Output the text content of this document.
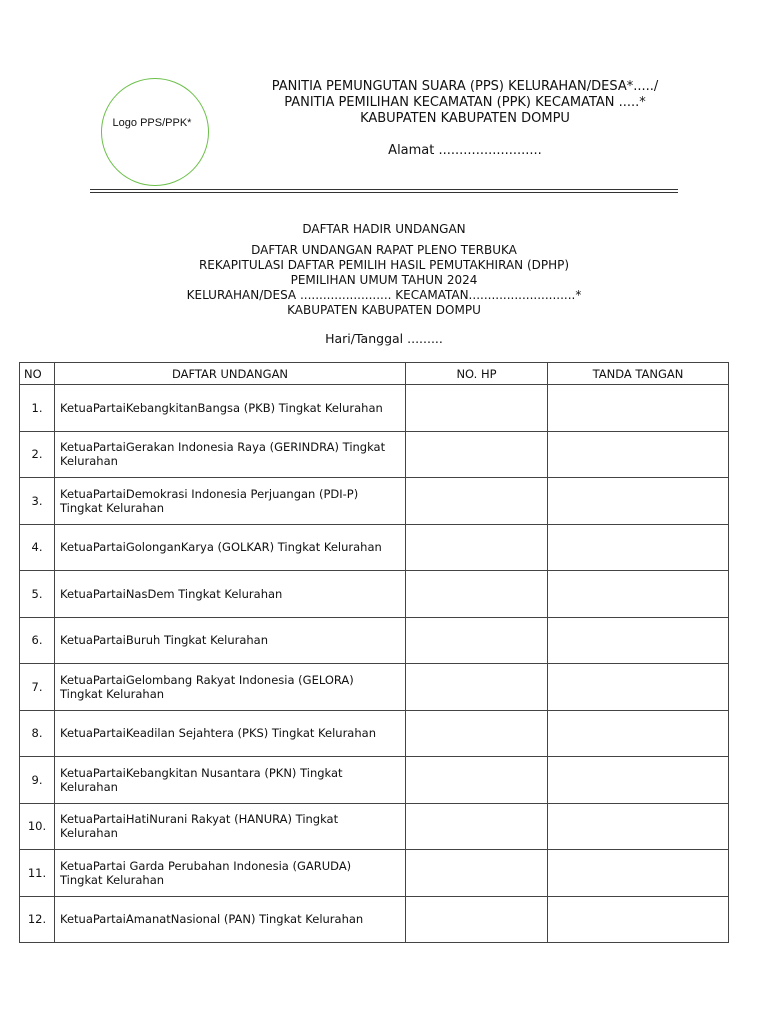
Logo PPS/PPK*
PANITIA PEMUNGUTAN SUARA (PPS) KELURAHAN/DESA*...../
PANITIA PEMILIHAN KECAMATAN (PPK) KECAMATAN .....*
KABUPATEN KABUPATEN DOMPU
Alamat .........................
DAFTAR HADIR UNDANGAN
DAFTAR UNDANGAN RAPAT PLENO TERBUKA
REKAPITULASI DAFTAR PEMILIH HASIL PEMUTAKHIRAN (DPHP)
PEMILIHAN UMUM TAHUN 2024
KELURAHAN/DESA ........................ KECAMATAN............................*
KABUPATEN KABUPATEN DOMPU
Hari/Tanggal .........
NO	DAFTAR UNDANGAN	NO. HP	TANDA TANGAN
1.	KetuaPartaiKebangkitanBangsa (PKB) Tingkat Kelurahan		
2.	KetuaPartaiGerakan Indonesia Raya (GERINDRA) Tingkat Kelurahan		
3.	KetuaPartaiDemokrasi Indonesia Perjuangan (PDI-P) Tingkat Kelurahan		
4.	KetuaPartaiGolonganKarya (GOLKAR) Tingkat Kelurahan		
5.	KetuaPartaiNasDem Tingkat Kelurahan		
6.	KetuaPartaiBuruh Tingkat Kelurahan		
7.	KetuaPartaiGelombang Rakyat Indonesia (GELORA) Tingkat Kelurahan		
8.	KetuaPartaiKeadilan Sejahtera (PKS) Tingkat Kelurahan		
9.	KetuaPartaiKebangkitan Nusantara (PKN) Tingkat Kelurahan		
10.	KetuaPartaiHatiNurani Rakyat (HANURA) Tingkat Kelurahan		
11.	KetuaPartai Garda Perubahan Indonesia (GARUDA) Tingkat Kelurahan		
12.	KetuaPartaiAmanatNasional (PAN) Tingkat Kelurahan		
